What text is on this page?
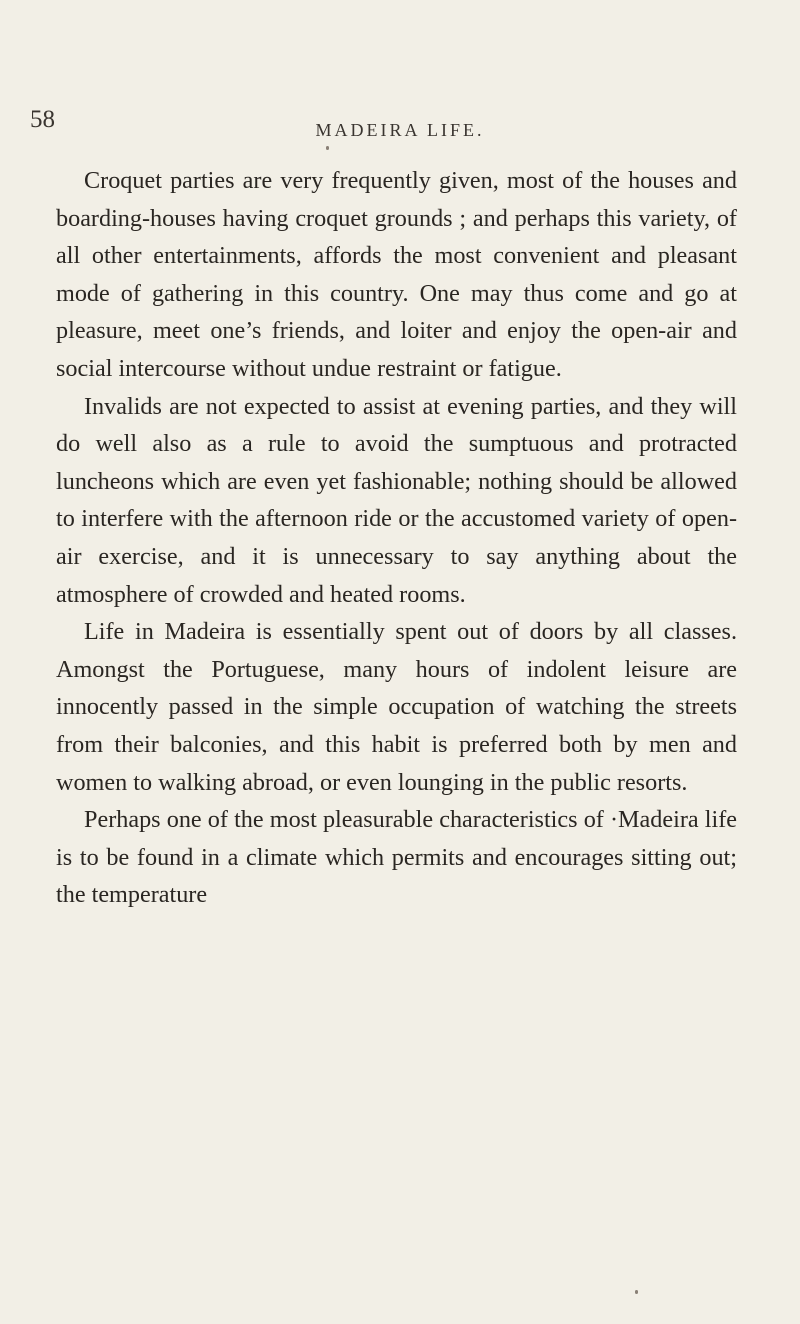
58	MADEIRA LIFE.

Croquet parties are very frequently given, most of the houses and boarding-houses having croquet grounds ; and perhaps this variety, of all other entertainments, affords the most convenient and pleasant mode of gathering in this country. One may thus come and go at pleasure, meet one’s friends, and loiter and enjoy the open-air and social intercourse without undue restraint or fatigue.

Invalids are not expected to assist at evening parties, and they will do well also as a rule to avoid the sumptuous and protracted luncheons which are even yet fashionable; nothing should be allowed to interfere with the afternoon ride or the accustomed variety of open-air exercise, and it is unnecessary to say anything about the atmosphere of crowded and heated rooms.

Life in Madeira is essentially spent out of doors by all classes. Amongst the Portuguese, many hours of indolent leisure are innocently passed in the simple occupation of watching the streets from their balconies, and this habit is preferred both by men and women to walking abroad, or even lounging in the public resorts.

Perhaps one of the most pleasurable characteristics of ·Madeira life is to be found in a climate which permits and encourages sitting out; the temperature
